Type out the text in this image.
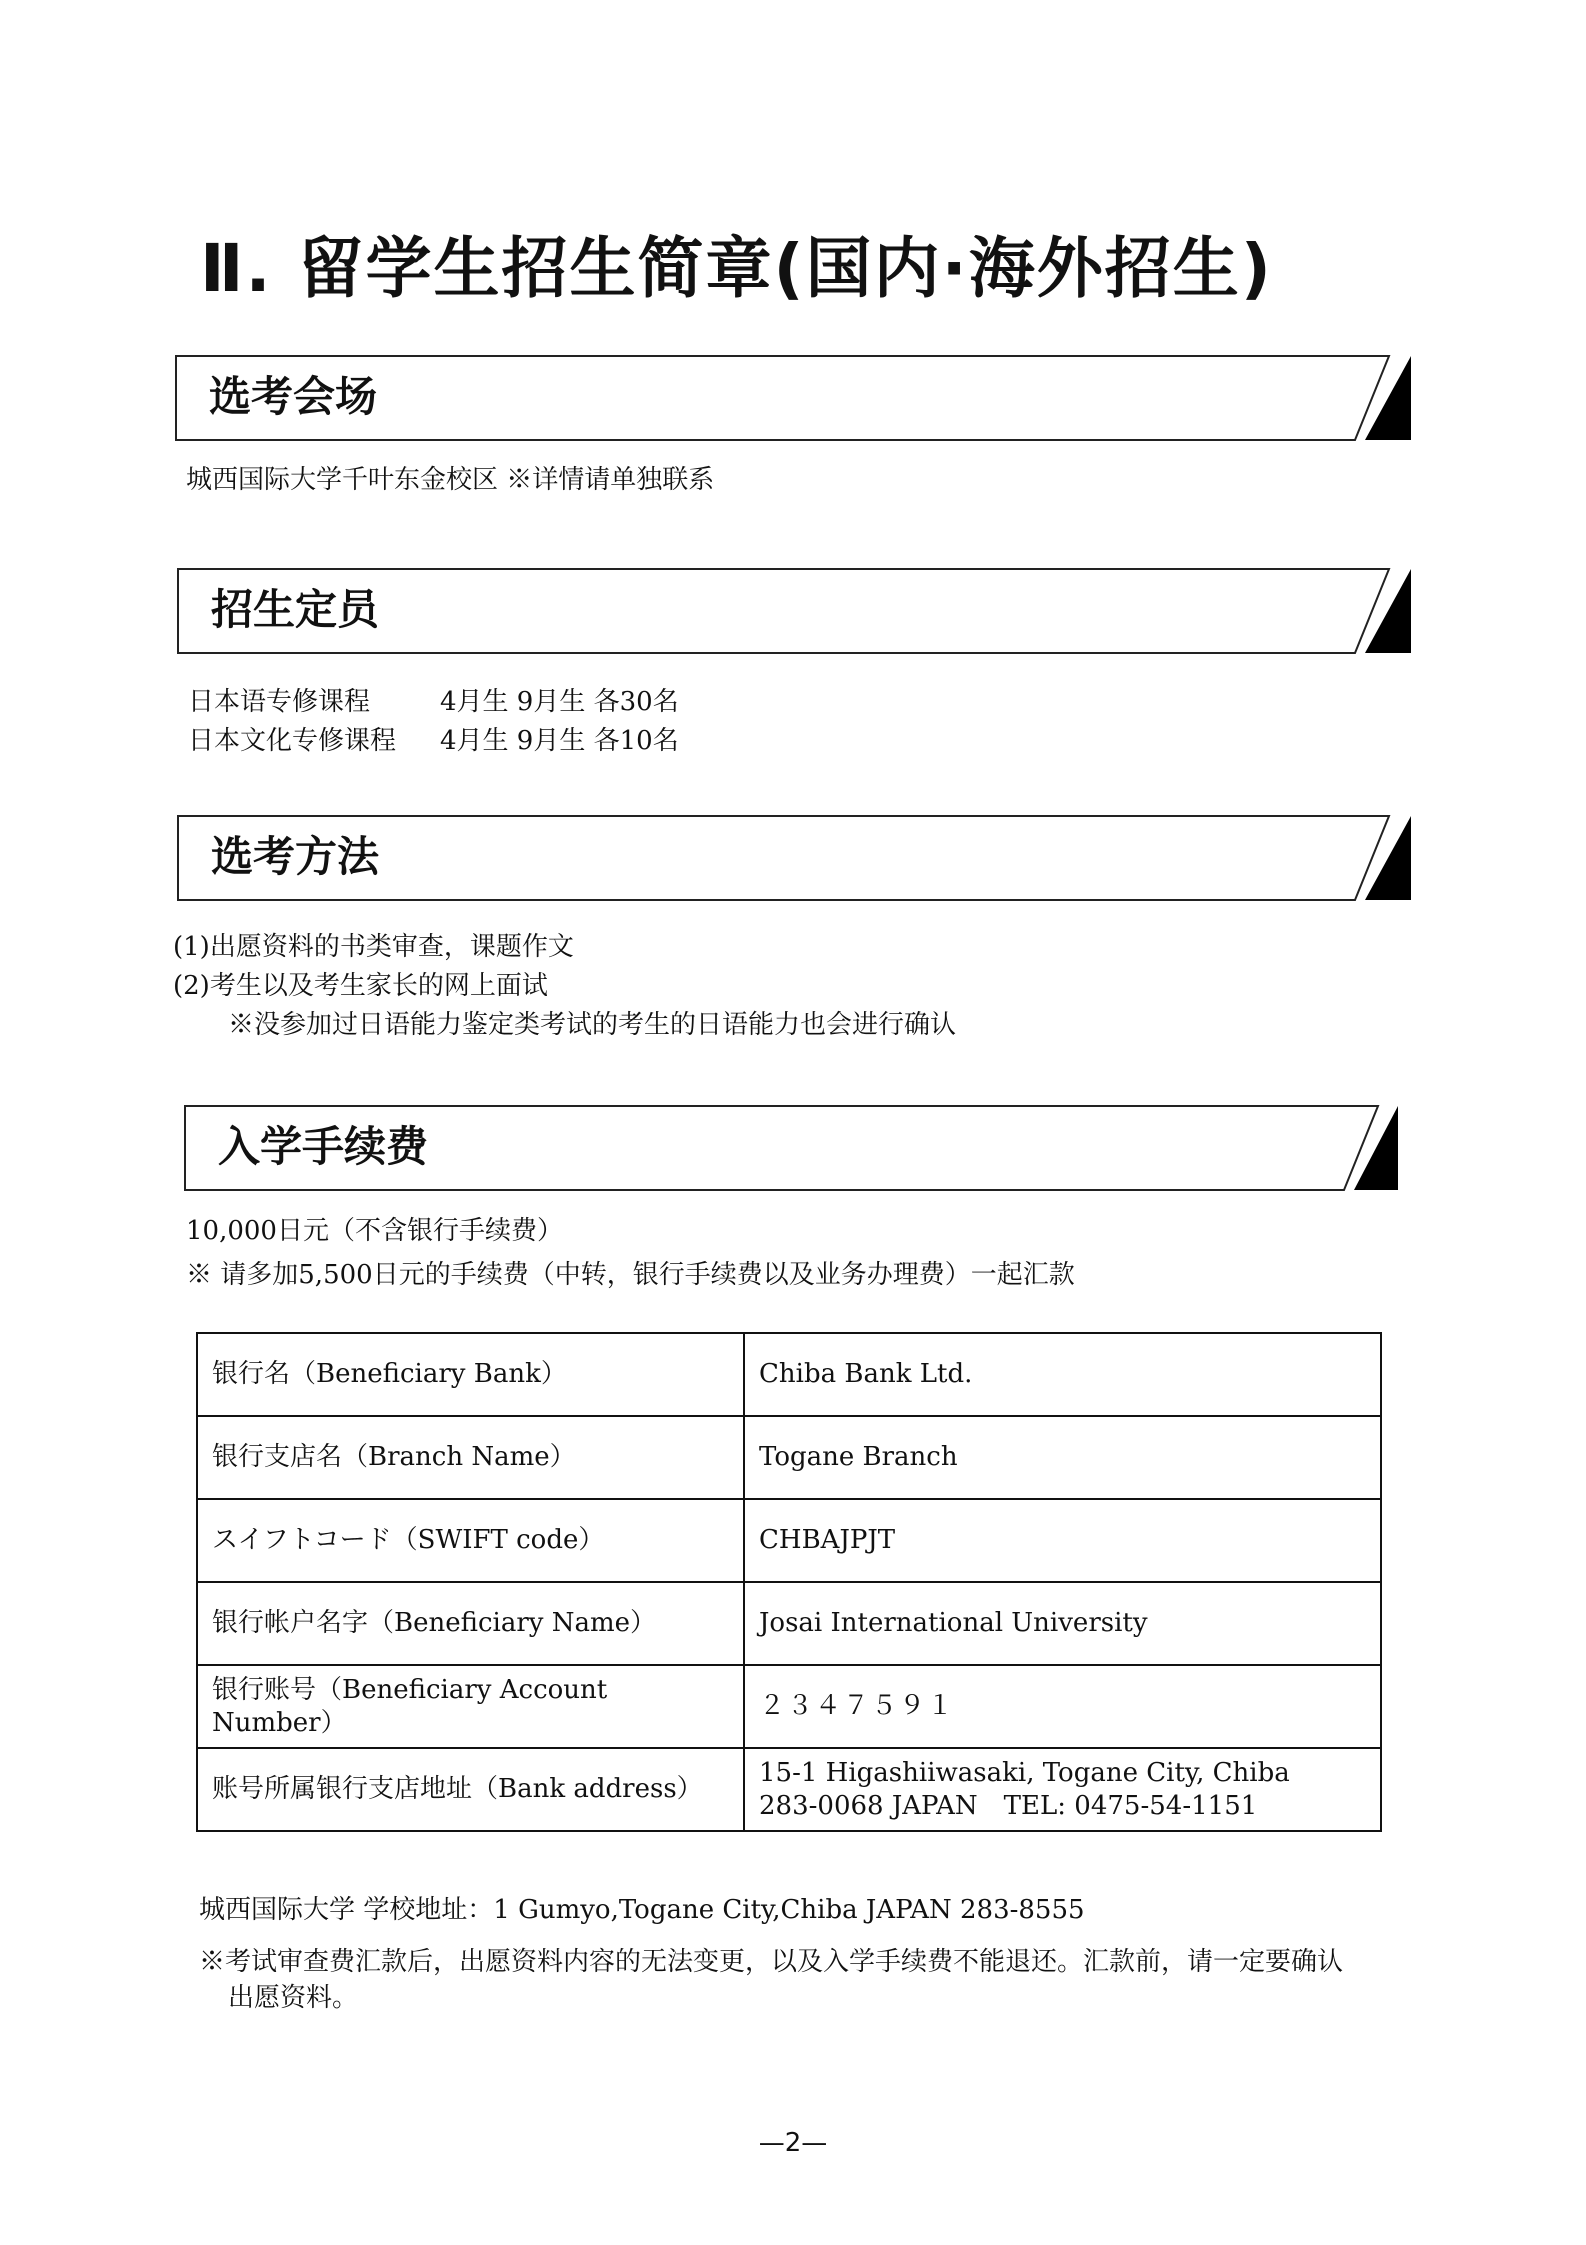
Ⅱ. 留学生招生简章(国内·海外招生)
选考会场
城西国际大学千叶东金校区 ※详情请单独联系
招生定员
日本语专修课程	4月生 9月生 各30名
日本文化专修课程 4月生 9月生 各10名
选考方法
(1)出愿资料的书类审查，课题作文
(2)考生以及考生家长的网上面试
※没参加过日语能力鉴定类考试的考生的日语能力也会进行确认
入学手续费
10,000日元（不含银行手续费）
※ 请多加5,500日元的手续费（中转，银行手续费以及业务办理费）一起汇款
银行名（Beneficiary Bank）	Chiba Bank Ltd.
银行支店名（Branch Name）	Togane Branch
スイフトコード（SWIFT code）	CHBAJPJT
银行帐户名字（Beneficiary Name）	Josai International University
银行账号（Beneficiary Account Number）	２３４７５９１
账号所属银行支店地址（Bank address）	15-1 Higashiiwasaki, Togane City, Chiba
283-0068 JAPAN　TEL: 0475-54-1151
城西国际大学 学校地址：1 Gumyo,Togane City,Chiba JAPAN 283-8555
※考试审查费汇款后，出愿资料内容的无法变更，以及入学手续费不能退还。汇款前，请一定要确认
出愿资料。
—2—
